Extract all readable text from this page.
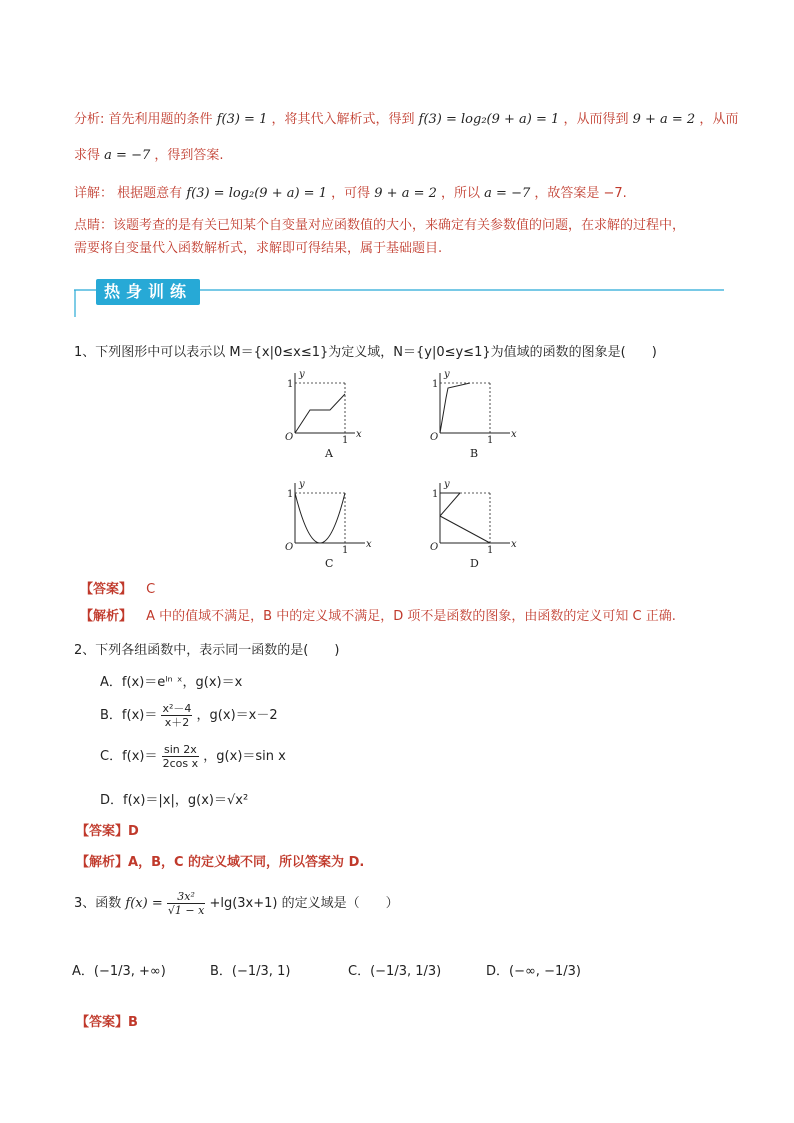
分析: 首先利用题的条件 f(3) = 1 ，将其代入解析式，得到 f(3) = log₂(9 + a) = 1 ，从而得到 9 + a = 2 ，从而
求得 a = −7 ，得到答案.
详解： 根据题意有 f(3) = log₂(9 + a) = 1 ，可得 9 + a = 2 ，所以 a = −7 ，故答案是 −7.
点睛：该题考查的是有关已知某个自变量对应函数值的大小，来确定有关参数值的问题，在求解的过程中，
需要将自变量代入函数解析式，求解即可得结果，属于基础题目.
热身训练
1、下列图形中可以表示以 M＝{x|0≤x≤1}为定义域，N＝{y|0≤y≤1}为值域的函数的图象是(　　)
1
y
x
O	1
A
1
y
x
O	1
B
1
y
x
O	1
C
1
y
x
O	1
D
【答案】 C
【解析】 A 中的值域不满足，B 中的定义域不满足，D 项不是函数的图象，由函数的定义可知 C 正确.
2、下列各组函数中，表示同一函数的是(　　)
A．f(x)＝eˡⁿ ˣ，g(x)＝x
B．$f(x)= \frac{\text{x²－4}}{x+2}$ ，g(x)＝x－2
C．$f(x)= \frac{\sin 2x}{\text{2cos x}}$ ，g(x)＝sin x
D．f(x)＝|x|，g(x)＝√x²
【答案】D
【解析】A，B，C 的定义域不同，所以答案为 D.
3、函数 $f(x) = \frac{\text{3x²}}{√1 - x} +\lg(3x+1)$ 的定义域是（　　）
A．(−1/3, +∞)	B．(−1/3, 1)	C．(−1/3, 1/3)	D．(−∞, −1/3)
【答案】B
